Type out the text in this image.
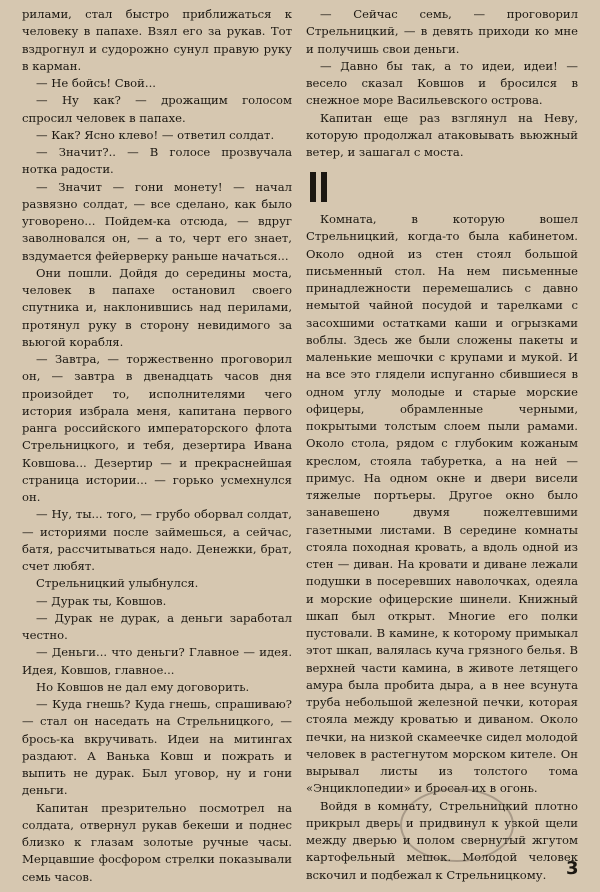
рилами, стал быстро приближаться к человеку в папахе. Взял его за рукав. Тот вздрогнул и судорожно сунул правую руку в карман.

— Не бойсь! Свой...

— Ну как? — дрожащим голосом спросил человек в папахе.

— Как? Ясно клево! — ответил солдат.

— Значит?.. — В голосе прозвучала нотка радости.

— Значит — гони монету! — начал развязно солдат, — все сделано, как было уговорено... Пойдем-ка отсюда, — вдруг заволновался он, — а то, черт его знает, вздумается фейерверку раньше начаться...

Они пошли. Дойдя до середины моста, человек в папахе остановил своего спутника и, наклонившись над перилами, протянул руку в сторону невидимого за вьюгой корабля.

— Завтра, — торжественно проговорил он, — завтра в двенадцать часов дня произойдет то, исполнителями чего история избрала меня, капитана первого ранга российского императорского флота Стрельницкого, и тебя, дезертира Ивана Ковшова... Дезертир — и прекраснейшая страница истории... — горько усмехнулся он.

— Ну, ты... того, — грубо оборвал солдат, — историями после займешься, а сейчас, батя, рассчитываться надо. Денежки, брат, счет любят.

Стрельницкий улыбнулся.

— Дурак ты, Ковшов.

— Дурак не дурак, а деньги заработал честно.

— Деньги... что деньги? Главное — идея. Идея, Ковшов, главное...

Но Ковшов не дал ему договорить.

— Куда гнешь? Куда гнешь, спрашиваю? — стал он наседать на Стрельницкого, — брось-ка вкручивать. Идеи на митингах раздают. А Ванька Ковш и пожрать и выпить не дурак. Был уговор, ну и гони деньги.

Капитан презрительно посмотрел на солдата, отвернул рукав бекеши и поднес близко к глазам золотые ручные часы. Мерцавшие фосфором стрелки показывали семь часов.

— Сейчас семь, — проговорил Стрельницкий, — в девять приходи ко мне и получишь свои деньги.

— Давно бы так, а то идеи, идеи! — весело сказал Ковшов и бросился в снежное море Васильевского острова.

Капитан еще раз взглянул на Неву, которую продолжал атаковывать вьюжный ветер, и зашагал с моста.

Комната, в которую вошел Стрельницкий, когда-то была кабинетом. Около одной из стен стоял большой письменный стол. На нем письменные принадлежности перемешались с давно немытой чайной посудой и тарелками с засохшими остатками каши и огрызками воблы. Здесь же были сложены пакеты и маленькие мешочки с крупами и мукой. И на все это глядели испуганно сбившиеся в одном углу молодые и старые морские офицеры, обрамленные черными, покрытыми толстым слоем пыли рамами. Около стола, рядом с глубоким кожаным креслом, стояла табуретка, а на ней — примус. На одном окне и двери висели тяжелые портьеры. Другое окно было занавешено двумя пожелтевшими газетными листами. В середине комнаты стояла походная кровать, а вдоль одной из стен — диван. На кровати и диване лежали подушки в посеревших наволочках, одеяла и морские офицерские шинели. Книжный шкап был открыт. Многие его полки пустовали. В камине, к которому примыкал этот шкап, валялась куча грязного белья. В верхней части камина, в животе летящего амура была пробита дыра, а в нее всунута труба небольшой железной печки, которая стояла между кроватью и диваном. Около печки, на низкой скамеечке сидел молодой человек в растегнутом морском кителе. Он вырывал листы из толстого тома «Энциклопедии» и бросал их в огонь.

Войдя в комнату, Стрельницкий плотно прикрыл дверь и придвинул к узкой щели между дверью и полом свернутый жгутом картофельный мешок. Молодой человек вскочил и подбежал к Стрельницкому.	3
